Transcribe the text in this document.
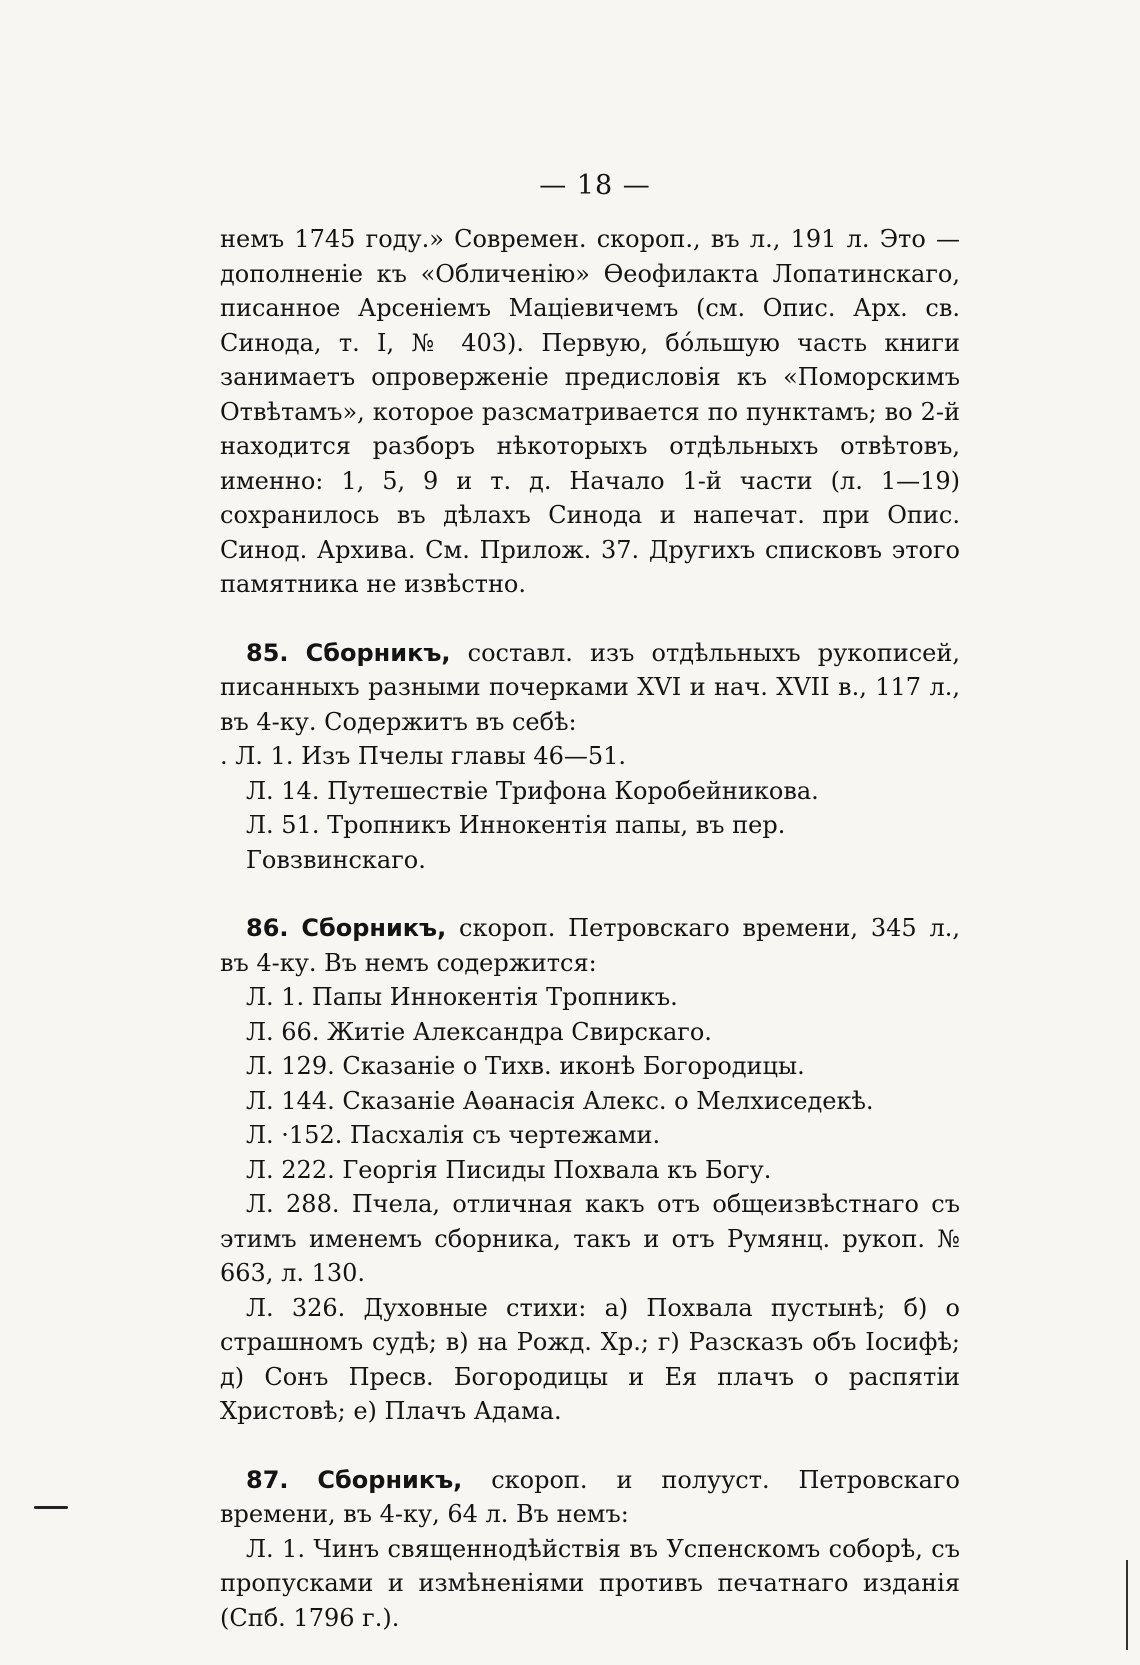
— 18 —

немъ 1745 году.» Современ. скороп., въ л., 191 л. Это — дополненіе къ «Обличенію» Ѳеофилакта Лопатинскаго, писанное Арсеніемъ Маціевичемъ (см. Опис. Арх. св. Синода, т. I, № 403). Первую, бо́льшую часть книги занимаетъ опроверженіе предисловія къ «Поморскимъ Отвѣтамъ», которое разсматривается по пунктамъ; во 2-й находится разборъ нѣкоторыхъ отдѣльныхъ отвѣтовъ, именно: 1, 5, 9 и т. д. Начало 1-й части (л. 1—19) сохранилось въ дѣлахъ Синода и напечат. при Опис. Синод. Архива. См. Прилож. 37. Другихъ списковъ этого памятника не извѣстно.

85. Сборникъ, составл. изъ отдѣльныхъ рукописей, писанныхъ разными почерками XVI и нач. XVII в., 117 л., въ 4-ку. Содержитъ въ себѣ:

. Л. 1. Изъ Пчелы главы 46—51.

Л. 14. Путешествіе Трифона Коробейникова.

Л. 51. Тропникъ Иннокентія папы, въ пер. Говзвинскаго.

86. Сборникъ, скороп. Петровскаго времени, 345 л., въ 4-ку. Въ немъ содержится:

Л. 1. Папы Иннокентія Тропникъ.

Л. 66. Житіе Александра Свирскаго.

Л. 129. Сказаніе о Тихв. иконѣ Богородицы.

Л. 144. Сказаніе Аѳанасія Алекс. о Мелхиседекѣ.

Л. ·152. Пасхалія съ чертежами.

Л. 222. Георгія Писиды Похвала къ Богу.

Л. 288. Пчела, отличная какъ отъ общеизвѣстнаго съ этимъ именемъ сборника, такъ и отъ Румянц. рукоп. № 663, л. 130.

Л. 326. Духовные стихи: а) Похвала пустынѣ; б) о страшномъ судѣ; в) на Рожд. Хр.; г) Разсказъ объ Іосифѣ; д) Сонъ Пресв. Богородицы и Ея плачъ о распятіи Христовѣ; е) Плачъ Адама.

87. Сборникъ, скороп. и полууст. Петровскаго времени, въ 4-ку, 64 л. Въ немъ:

Л. 1. Чинъ священнодѣйствія въ Успенскомъ соборѣ, съ пропусками и измѣненіями противъ печатнаго изданія (Спб. 1796 г.).
